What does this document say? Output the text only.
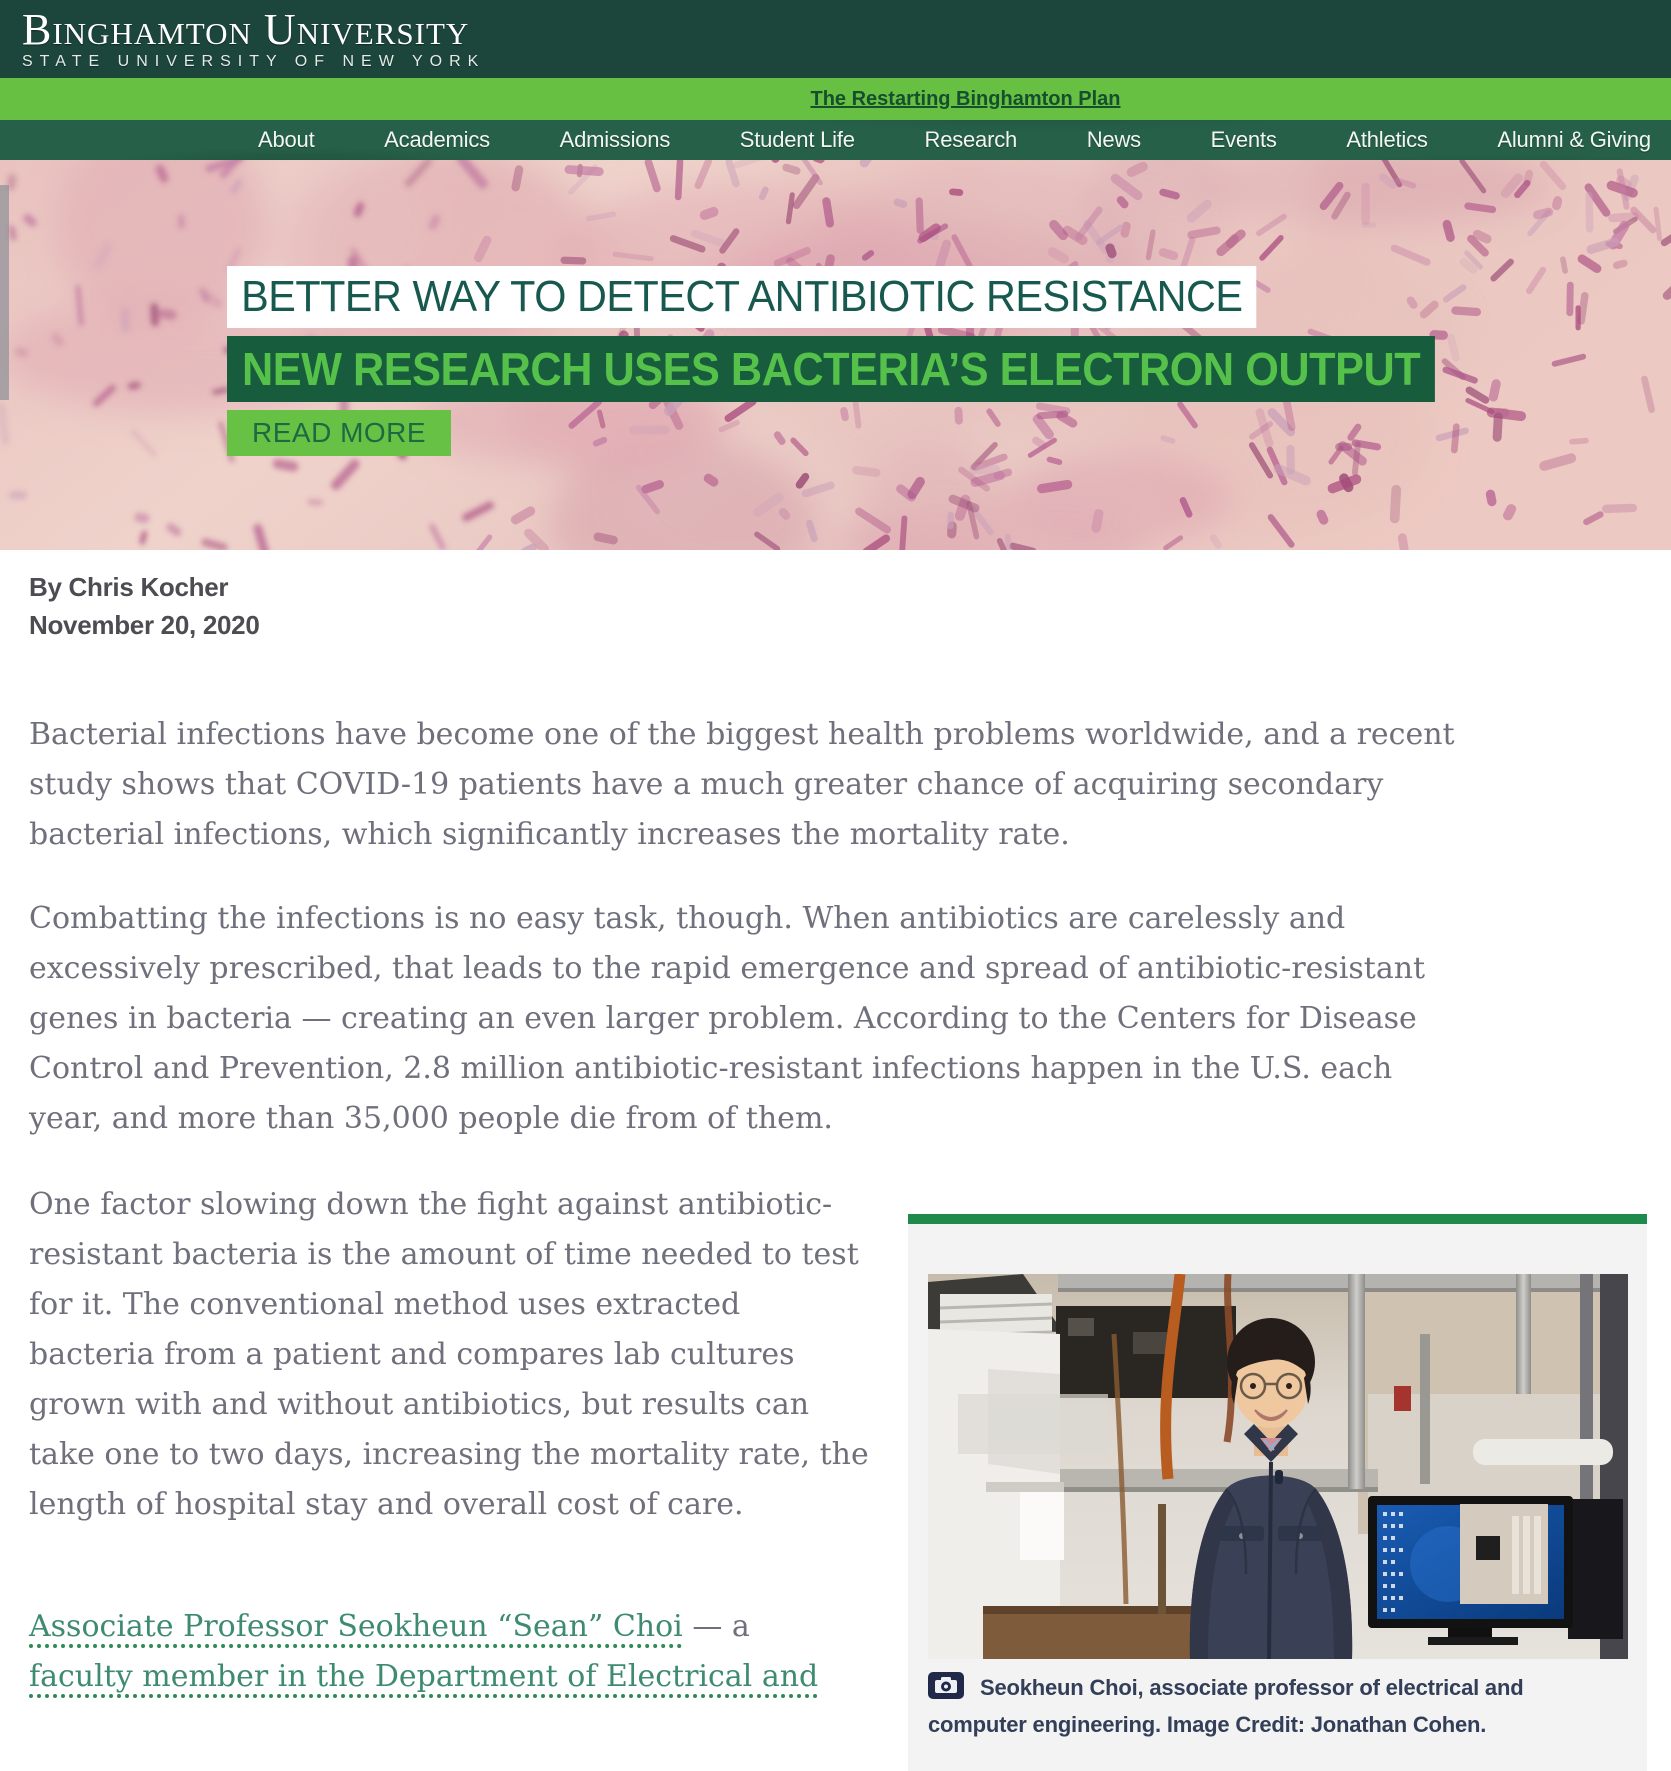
Binghamton University
STATE UNIVERSITY OF NEW YORK
The Restarting Binghamton Plan
About	Academics	Admissions	Student Life	Research	News	Events	Athletics	Alumni & Giving
BETTER WAY TO DETECT ANTIBIOTIC RESISTANCE
NEW RESEARCH USES BACTERIA’S ELECTRON OUTPUT
READ MORE
By Chris Kocher
November 20, 2020

Bacterial infections have become one of the biggest health problems worldwide, and a recent study shows that COVID-19 patients have a much greater chance of acquiring secondary bacterial infections, which significantly increases the mortality rate.

Combatting the infections is no easy task, though. When antibiotics are carelessly and excessively prescribed, that leads to the rapid emergence and spread of antibiotic-resistant genes in bacteria — creating an even larger problem. According to the Centers for Disease Control and Prevention, 2.8 million antibiotic-resistant infections happen in the U.S. each year, and more than 35,000 people die from of them.

One factor slowing down the fight against antibiotic-resistant bacteria is the amount of time needed to test for it. The conventional method uses extracted bacteria from a patient and compares lab cultures grown with and without antibiotics, but results can take one to two days, increasing the mortality rate, the length of hospital stay and overall cost of care.

Associate Professor Seokheun “Sean” Choi — a
faculty member in the Department of Electrical and	Seokheun Choi, associate professor of electrical and computer engineering. Image Credit: Jonathan Cohen.
